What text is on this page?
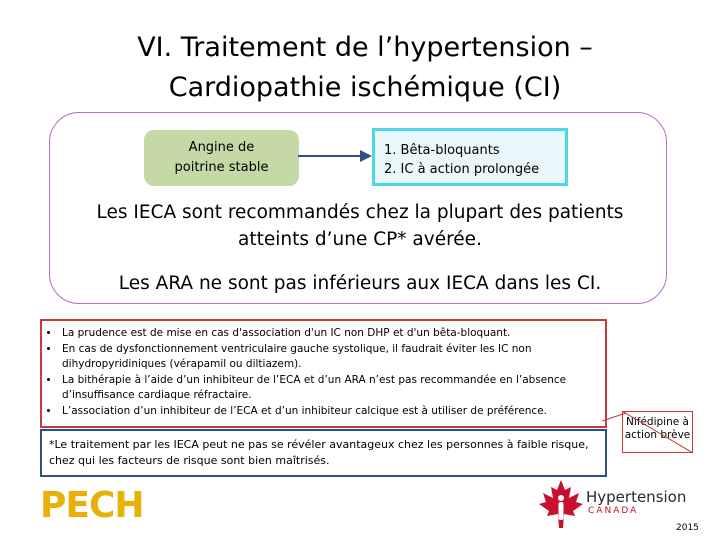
VI. Traitement de l’hypertension –
Cardiopathie ischémique (CI)
Angine de
poitrine stable
1. Bêta-bloquants
2. IC à action prolongée
Les IECA sont recommandés chez la plupart des patients
atteints d’une CP* avérée.
Les ARA ne sont pas inférieurs aux IECA dans les CI.
• La prudence est de mise en cas d'association d'un IC non DHP et d'un bêta-bloquant.
• En cas de dysfonctionnement ventriculaire gauche systolique, il faudrait éviter les IC non dihydropyridiniques (vérapamil ou diltiazem).
• La bithérapie à l’aide d’un inhibiteur de l’ECA et d’un ARA n’est pas recommandée en l’absence d’insuffisance cardiaque réfractaire.
• L’association d’un inhibiteur de l’ECA et d’un inhibiteur calcique est à utiliser de préférence.
*Le traitement par les IECA peut ne pas se révéler avantageux chez les personnes à faible risque, chez qui les facteurs de risque sont bien maîtrisés.
Nifédipine à
action brève
PECH	Hypertension
CANADA
2015
